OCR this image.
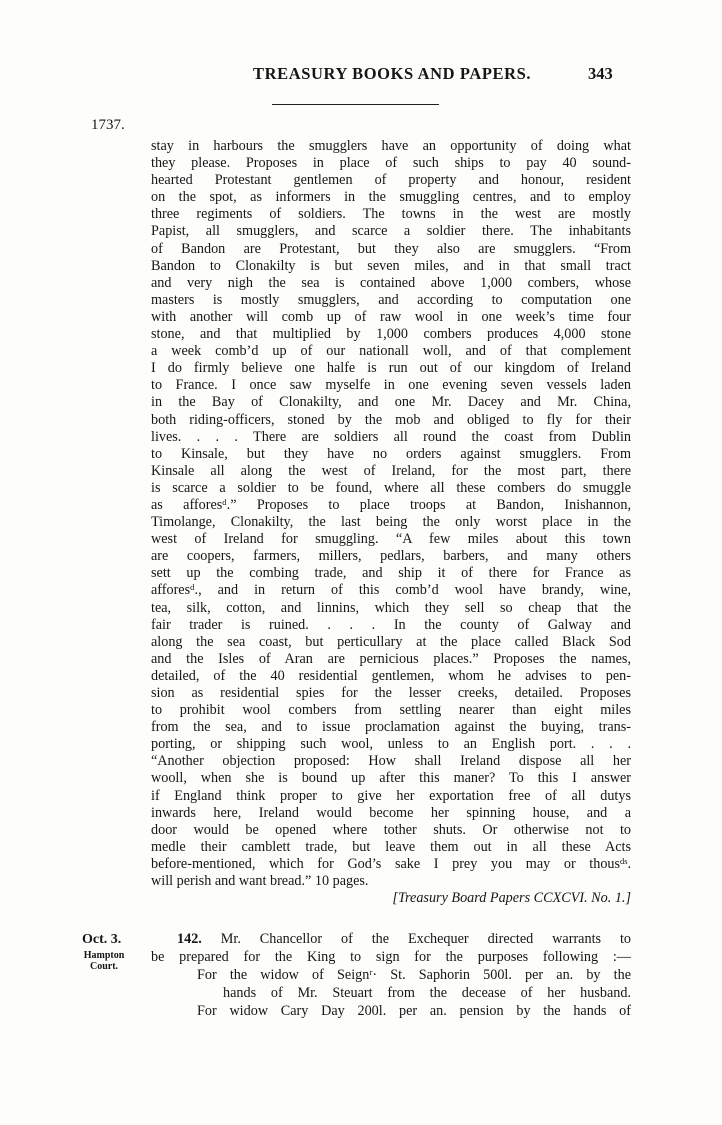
TREASURY BOOKS AND PAPERS.	343
1737.
stay in harbours the smugglers have an opportunity of doing what
they please. Proposes in place of such ships to pay 40 sound-
hearted Protestant gentlemen of property and honour, resident
on the spot, as informers in the smuggling centres, and to employ
three regiments of soldiers. The towns in the west are mostly
Papist, all smugglers, and scarce a soldier there. The inhabitants
of Bandon are Protestant, but they also are smugglers. “From
Bandon to Clonakilty is but seven miles, and in that small tract
and very nigh the sea is contained above 1,000 combers, whose
masters is mostly smugglers, and according to computation one
with another will comb up of raw wool in one week’s time four
stone, and that multiplied by 1,000 combers produces 4,000 stone
a week comb’d up of our nationall woll, and of that complement
I do firmly believe one halfe is run out of our kingdom of Ireland
to France. I once saw myselfe in one evening seven vessels laden
in the Bay of Clonakilty, and one Mr. Dacey and Mr. China,
both riding-officers, stoned by the mob and obliged to fly for their
lives. . . . There are soldiers all round the coast from Dublin
to Kinsale, but they have no orders against smugglers. From
Kinsale all along the west of Ireland, for the most part, there
is scarce a soldier to be found, where all these combers do smuggle
as afforesᵈ.” Proposes to place troops at Bandon, Inishannon,
Timolange, Clonakilty, the last being the only worst place in the
west of Ireland for smuggling. “A few miles about this town
are coopers, farmers, millers, pedlars, barbers, and many others
sett up the combing trade, and ship it of there for France as
afforesᵈ., and in return of this comb’d wool have brandy, wine,
tea, silk, cotton, and linnins, which they sell so cheap that the
fair trader is ruined. . . . In the county of Galway and
along the sea coast, but perticullary at the place called Black Sod
and the Isles of Aran are pernicious places.” Proposes the names,
detailed, of the 40 residential gentlemen, whom he advises to pen-
sion as residential spies for the lesser creeks, detailed. Proposes
to prohibit wool combers from settling nearer than eight miles
from the sea, and to issue proclamation against the buying, trans-
porting, or shipping such wool, unless to an English port. . . .
“Another objection proposed: How shall Ireland dispose all her
wooll, when she is bound up after this maner? To this I answer
if England think proper to give her exportation free of all dutys
inwards here, Ireland would become her spinning house, and a
door would be opened where tother shuts. Or otherwise not to
medle their camblett trade, but leave them out in all these Acts
before-mentioned, which for God’s sake I prey you may or thousᵈˢ.
will perish and want bread.” 10 pages.
[Treasury Board Papers CCXCVI. No. 1.]
Oct. 3.
Hampton
Court.
142. Mr. Chancellor of the Exchequer directed warrants to
be prepared for the King to sign for the purposes following :—
For the widow of Seignʳ· St. Saphorin 500l. per an. by the
hands of Mr. Steuart from the decease of her husband.
For widow Cary Day 200l. per an. pension by the hands of
